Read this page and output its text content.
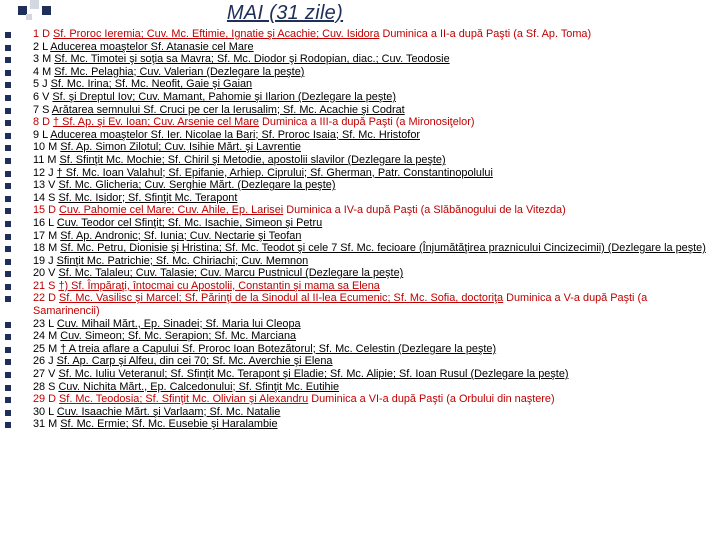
MAI (31 zile)
1 D Sf. Proroc Ieremia; Cuv. Mc. Eftimie, Ignatie şi Acachie; Cuv. Isidora Duminica a II-a după Paşti (a Sf. Ap. Toma)
2 L Aducerea moaştelor Sf. Atanasie cel Mare
3 M Sf. Mc. Timotei şi soţia sa Mavra; Sf. Mc. Diodor şi Rodopian, diac.; Cuv. Teodosie
4 M Sf. Mc. Pelaghia; Cuv. Valerian (Dezlegare la peşte)
5 J Sf. Mc. Irina; Sf. Mc. Neofit, Gaie şi Gaian
6 V Sf. şi Dreptul Iov; Cuv. Mamant, Pahomie şi Ilarion (Dezlegare la peşte)
7 S Arătarea semnului Sf. Cruci pe cer la Ierusalim; Sf. Mc. Acachie şi Codrat
8 D † Sf. Ap. şi Ev. Ioan; Cuv. Arsenie cel Mare Duminica a III-a după Paşti (a Mironosiţelor)
9 L Aducerea moaştelor Sf. Ier. Nicolae la Bari; Sf. Proroc Isaia; Sf. Mc. Hristofor
10 M Sf. Ap. Simon Zilotul; Cuv. Isihie Mărt. şi Lavrentie
11 M Sf. Sfinţit Mc. Mochie; Sf. Chiril şi Metodie, apostolii slavilor (Dezlegare la peşte)
12 J † Sf. Mc. Ioan Valahul; Sf. Epifanie, Arhiep. Ciprului; Sf. Gherman, Patr. Constantinopolului
13 V Sf. Mc. Glicheria; Cuv. Serghie Mărt. (Dezlegare la peşte)
14 S Sf. Mc. Isidor; Sf. Sfinţit Mc. Terapont
15 D Cuv. Pahomie cel Mare; Cuv. Ahile, Ep. Larisei Duminica a IV-a după Paşti (a Slăbănogului de la Vitezda)
16 L Cuv. Teodor cel Sfinţit; Sf. Mc. Isachie, Simeon şi Petru
17 M Sf. Ap. Andronic; Sf. Iunia; Cuv. Nectarie şi Teofan
18 M Sf. Mc. Petru, Dionisie şi Hristina; Sf. Mc. Teodot şi cele 7 Sf. Mc. fecioare (Înjumătăţirea praznicului Cincizecimii) (Dezlegare la peşte)
19 J Sfinţit Mc. Patrichie; Sf. Mc. Chiriachi; Cuv. Memnon
20 V Sf. Mc. Talaleu; Cuv. Talasie; Cuv. Marcu Pustnicul (Dezlegare la peşte)
21 S †) Sf. Împăraţi, întocmai cu Apostolii, Constantin şi mama sa Elena
22 D Sf. Mc. Vasilisc şi Marcel; Sf. Părinţi de la Sinodul al II-lea Ecumenic; Sf. Mc. Sofia, doctoriţa Duminica a V-a după Paşti (a Samarinencii)
23 L Cuv. Mihail Mărt., Ep. Sinadei; Sf. Maria lui Cleopa
24 M Cuv. Simeon; Sf. Mc. Serapion; Sf. Mc. Marciana
25 M † A treia aflare a Capului Sf. Proroc Ioan Botezătorul; Sf. Mc. Celestin (Dezlegare la peşte)
26 J Sf. Ap. Carp şi Alfeu, din cei 70; Sf. Mc. Averchie şi Elena
27 V Sf. Mc. Iuliu Veteranul; Sf. Sfinţit Mc. Terapont şi Eladie; Sf. Mc. Alipie; Sf. Ioan Rusul (Dezlegare la peşte)
28 S Cuv. Nichita Mărt., Ep. Calcedonului; Sf. Sfinţit Mc. Eutihie
29 D Sf. Mc. Teodosia; Sf. Sfinţit Mc. Olivian şi Alexandru Duminica a VI-a după Paşti (a Orbului din naştere)
30 L Cuv. Isaachie Mărt. şi Varlaam; Sf. Mc. Natalie
31 M Sf. Mc. Ermie; Sf. Mc. Eusebie şi Haralambie
